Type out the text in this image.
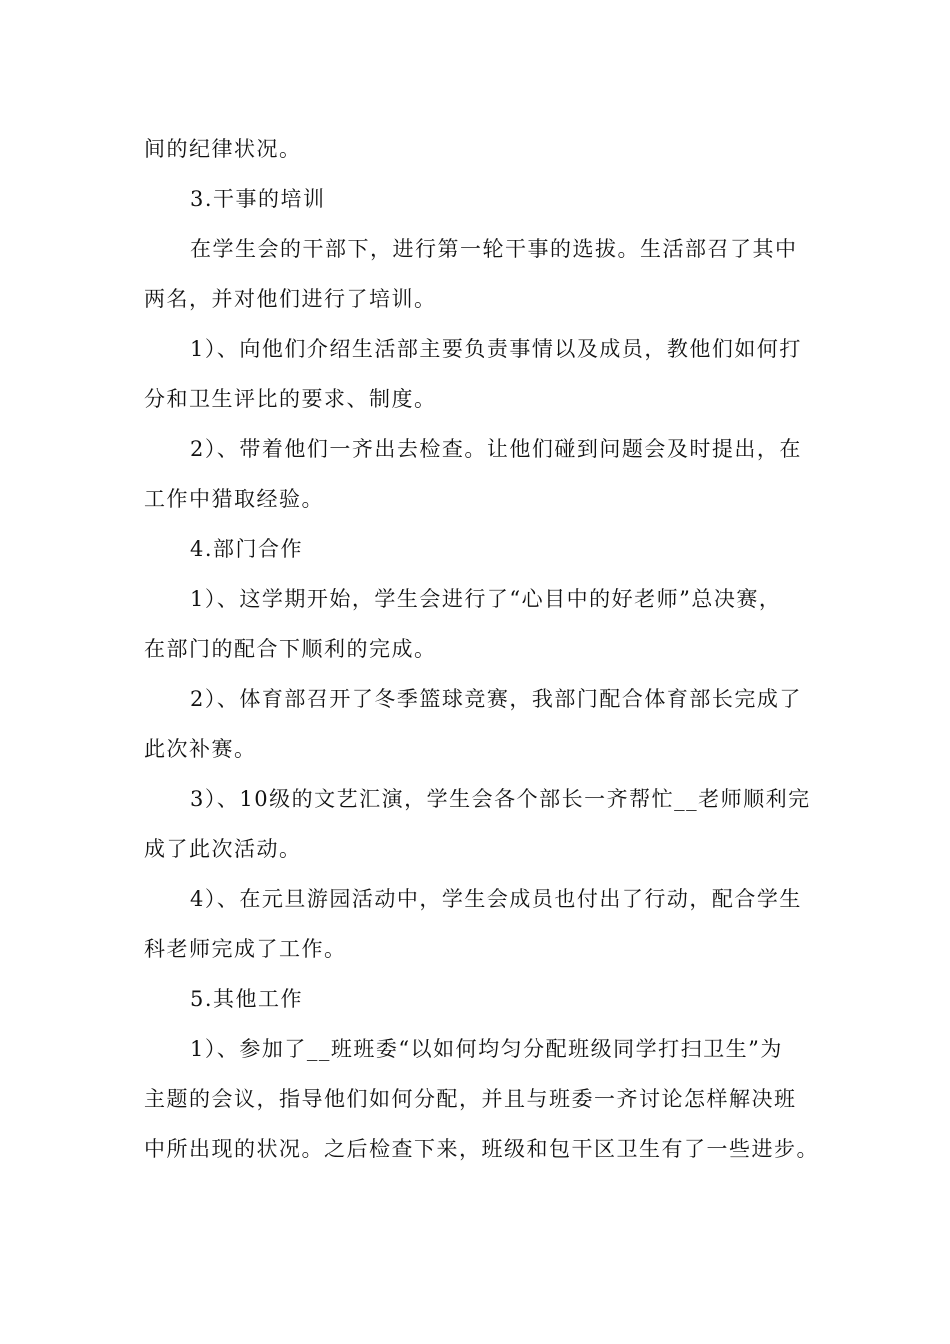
间的纪律状况。
3.干事的培训
在学生会的干部下，进行第一轮干事的选拔。生活部召了其中
两名，并对他们进行了培训。
1）、向他们介绍生活部主要负责事情以及成员，教他们如何打
分和卫生评比的要求、制度。
2）、带着他们一齐出去检查。让他们碰到问题会及时提出，在
工作中猎取经验。
4.部门合作
1）、这学期开始，学生会进行了“心目中的好老师”总决赛，
在部门的配合下顺利的完成。
2）、体育部召开了冬季篮球竞赛，我部门配合体育部长完成了
此次补赛。
3）、10级的文艺汇演，学生会各个部长一齐帮忙__老师顺利完
成了此次活动。
4）、在元旦游园活动中，学生会成员也付出了行动，配合学生
科老师完成了工作。
5.其他工作
1）、参加了__班班委“以如何均匀分配班级同学打扫卫生”为
主题的会议，指导他们如何分配，并且与班委一齐讨论怎样解决班
中所出现的状况。之后检查下来，班级和包干区卫生有了一些进步。
